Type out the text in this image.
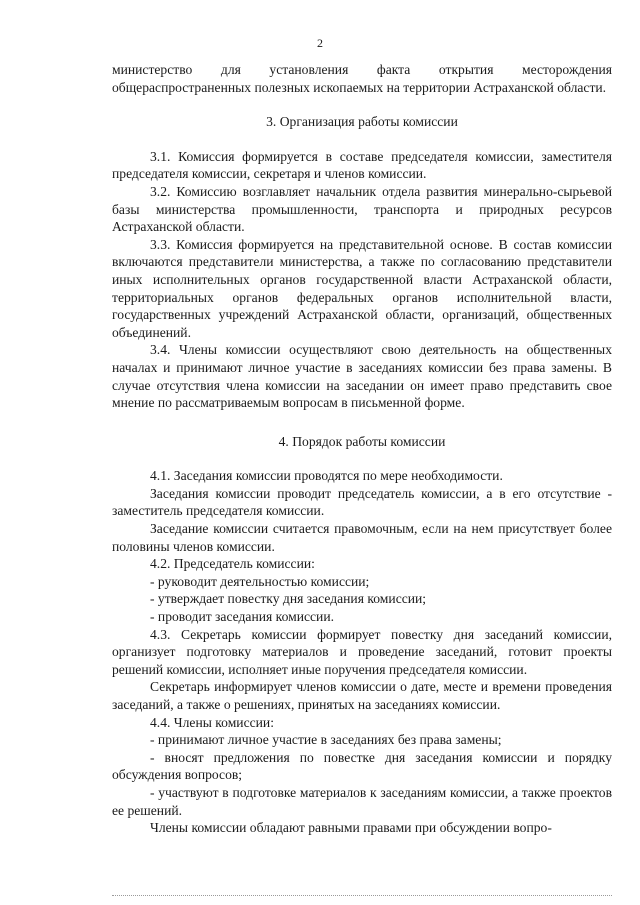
2

министерство для установления факта открытия месторождения общераспространенных полезных ископаемых на территории Астраханской области.

3. Организация работы комиссии

3.1. Комиссия формируется в составе председателя комиссии, заместителя председателя комиссии, секретаря и членов комиссии.

3.2. Комиссию возглавляет начальник отдела развития минерально-сырьевой базы министерства промышленности, транспорта и природных ресурсов Астраханской области.

3.3. Комиссия формируется на представительной основе. В состав комиссии включаются представители министерства, а также по согласованию представители иных исполнительных органов государственной власти Астраханской области, территориальных органов федеральных органов исполнительной власти, государственных учреждений Астраханской области, организаций, общественных объединений.

3.4. Члены комиссии осуществляют свою деятельность на общественных началах и принимают личное участие в заседаниях комиссии без права замены. В случае отсутствия члена комиссии на заседании он имеет право представить свое мнение по рассматриваемым вопросам в письменной форме.

4. Порядок работы комиссии

4.1. Заседания комиссии проводятся по мере необходимости.

Заседания комиссии проводит председатель комиссии, а в его отсутствие - заместитель председателя комиссии.

Заседание комиссии считается правомочным, если на нем присутствует более половины членов комиссии.

4.2. Председатель комиссии:

- руководит деятельностью комиссии;

- утверждает повестку дня заседания комиссии;

- проводит заседания комиссии.

4.3. Секретарь комиссии формирует повестку дня заседаний комиссии, организует подготовку материалов и проведение заседаний, готовит проекты решений комиссии, исполняет иные поручения председателя комиссии.

Секретарь информирует членов комиссии о дате, месте и времени проведения заседаний, а также о решениях, принятых на заседаниях комиссии.

4.4. Члены комиссии:

- принимают личное участие в заседаниях без права замены;

- вносят предложения по повестке дня заседания комиссии и порядку обсуждения вопросов;

- участвуют в подготовке материалов к заседаниям комиссии, а также проектов ее решений.

Члены комиссии обладают равными правами при обсуждении вопро-
